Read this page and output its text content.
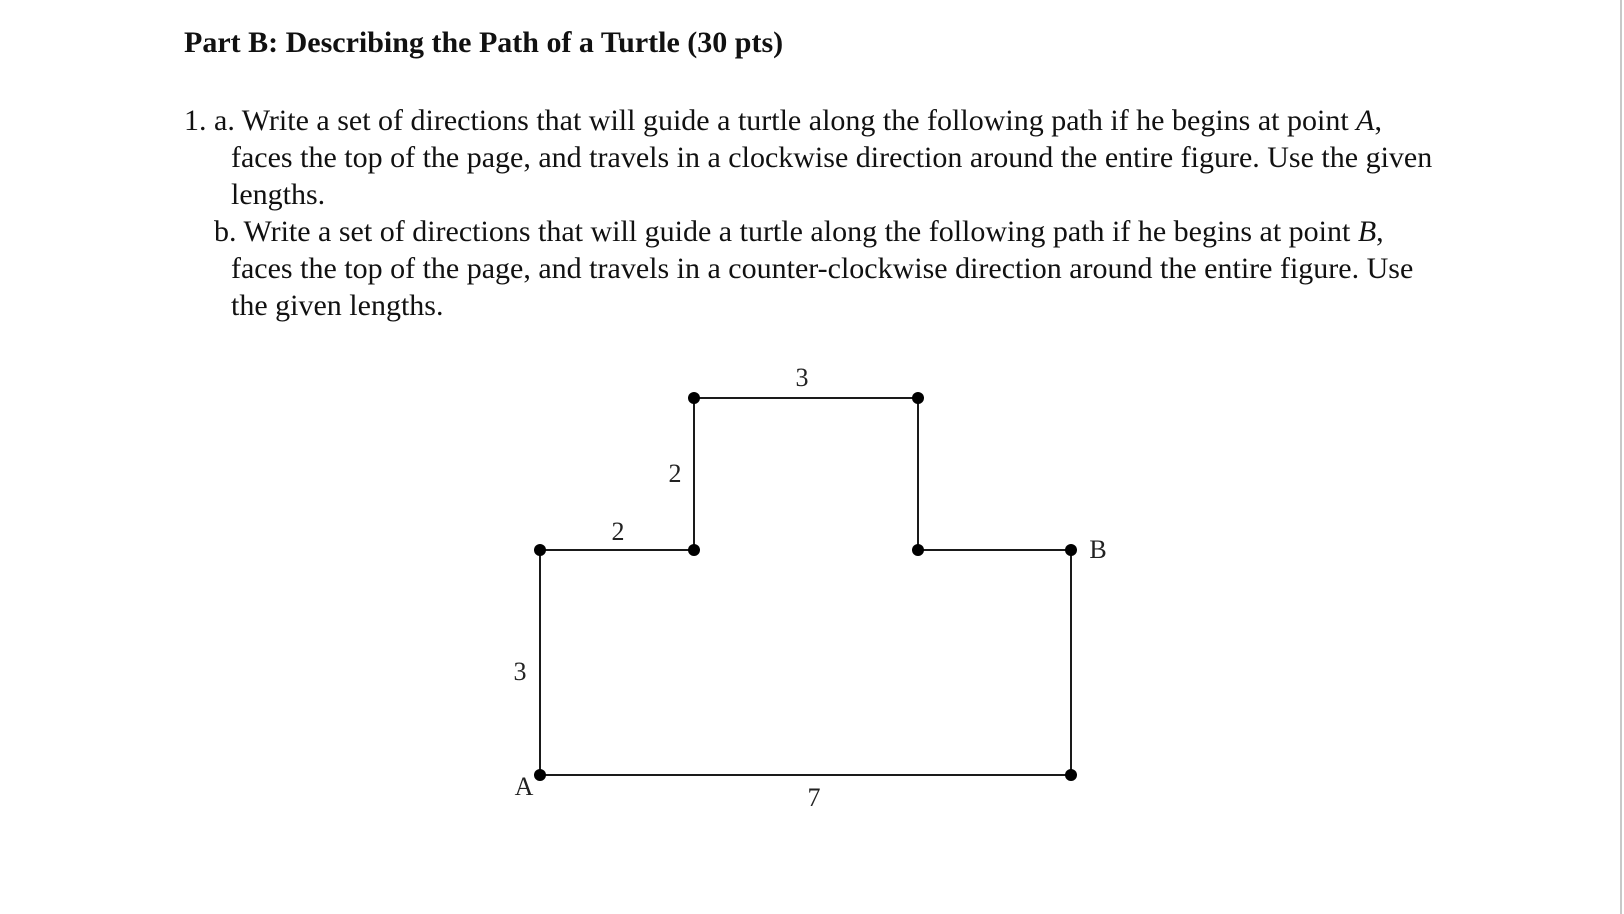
Part B: Describing the Path of a Turtle (30 pts)

1. a. Write a set of directions that will guide a turtle along the following path if he begins at point A, faces the top of the page, and travels in a clockwise direction around the entire figure. Use the given lengths.

b. Write a set of directions that will guide a turtle along the following path if he begins at point B, faces the top of the page, and travels in a counter-clockwise direction around the entire figure. Use the given lengths.

3
2
2
3
7
A
B
